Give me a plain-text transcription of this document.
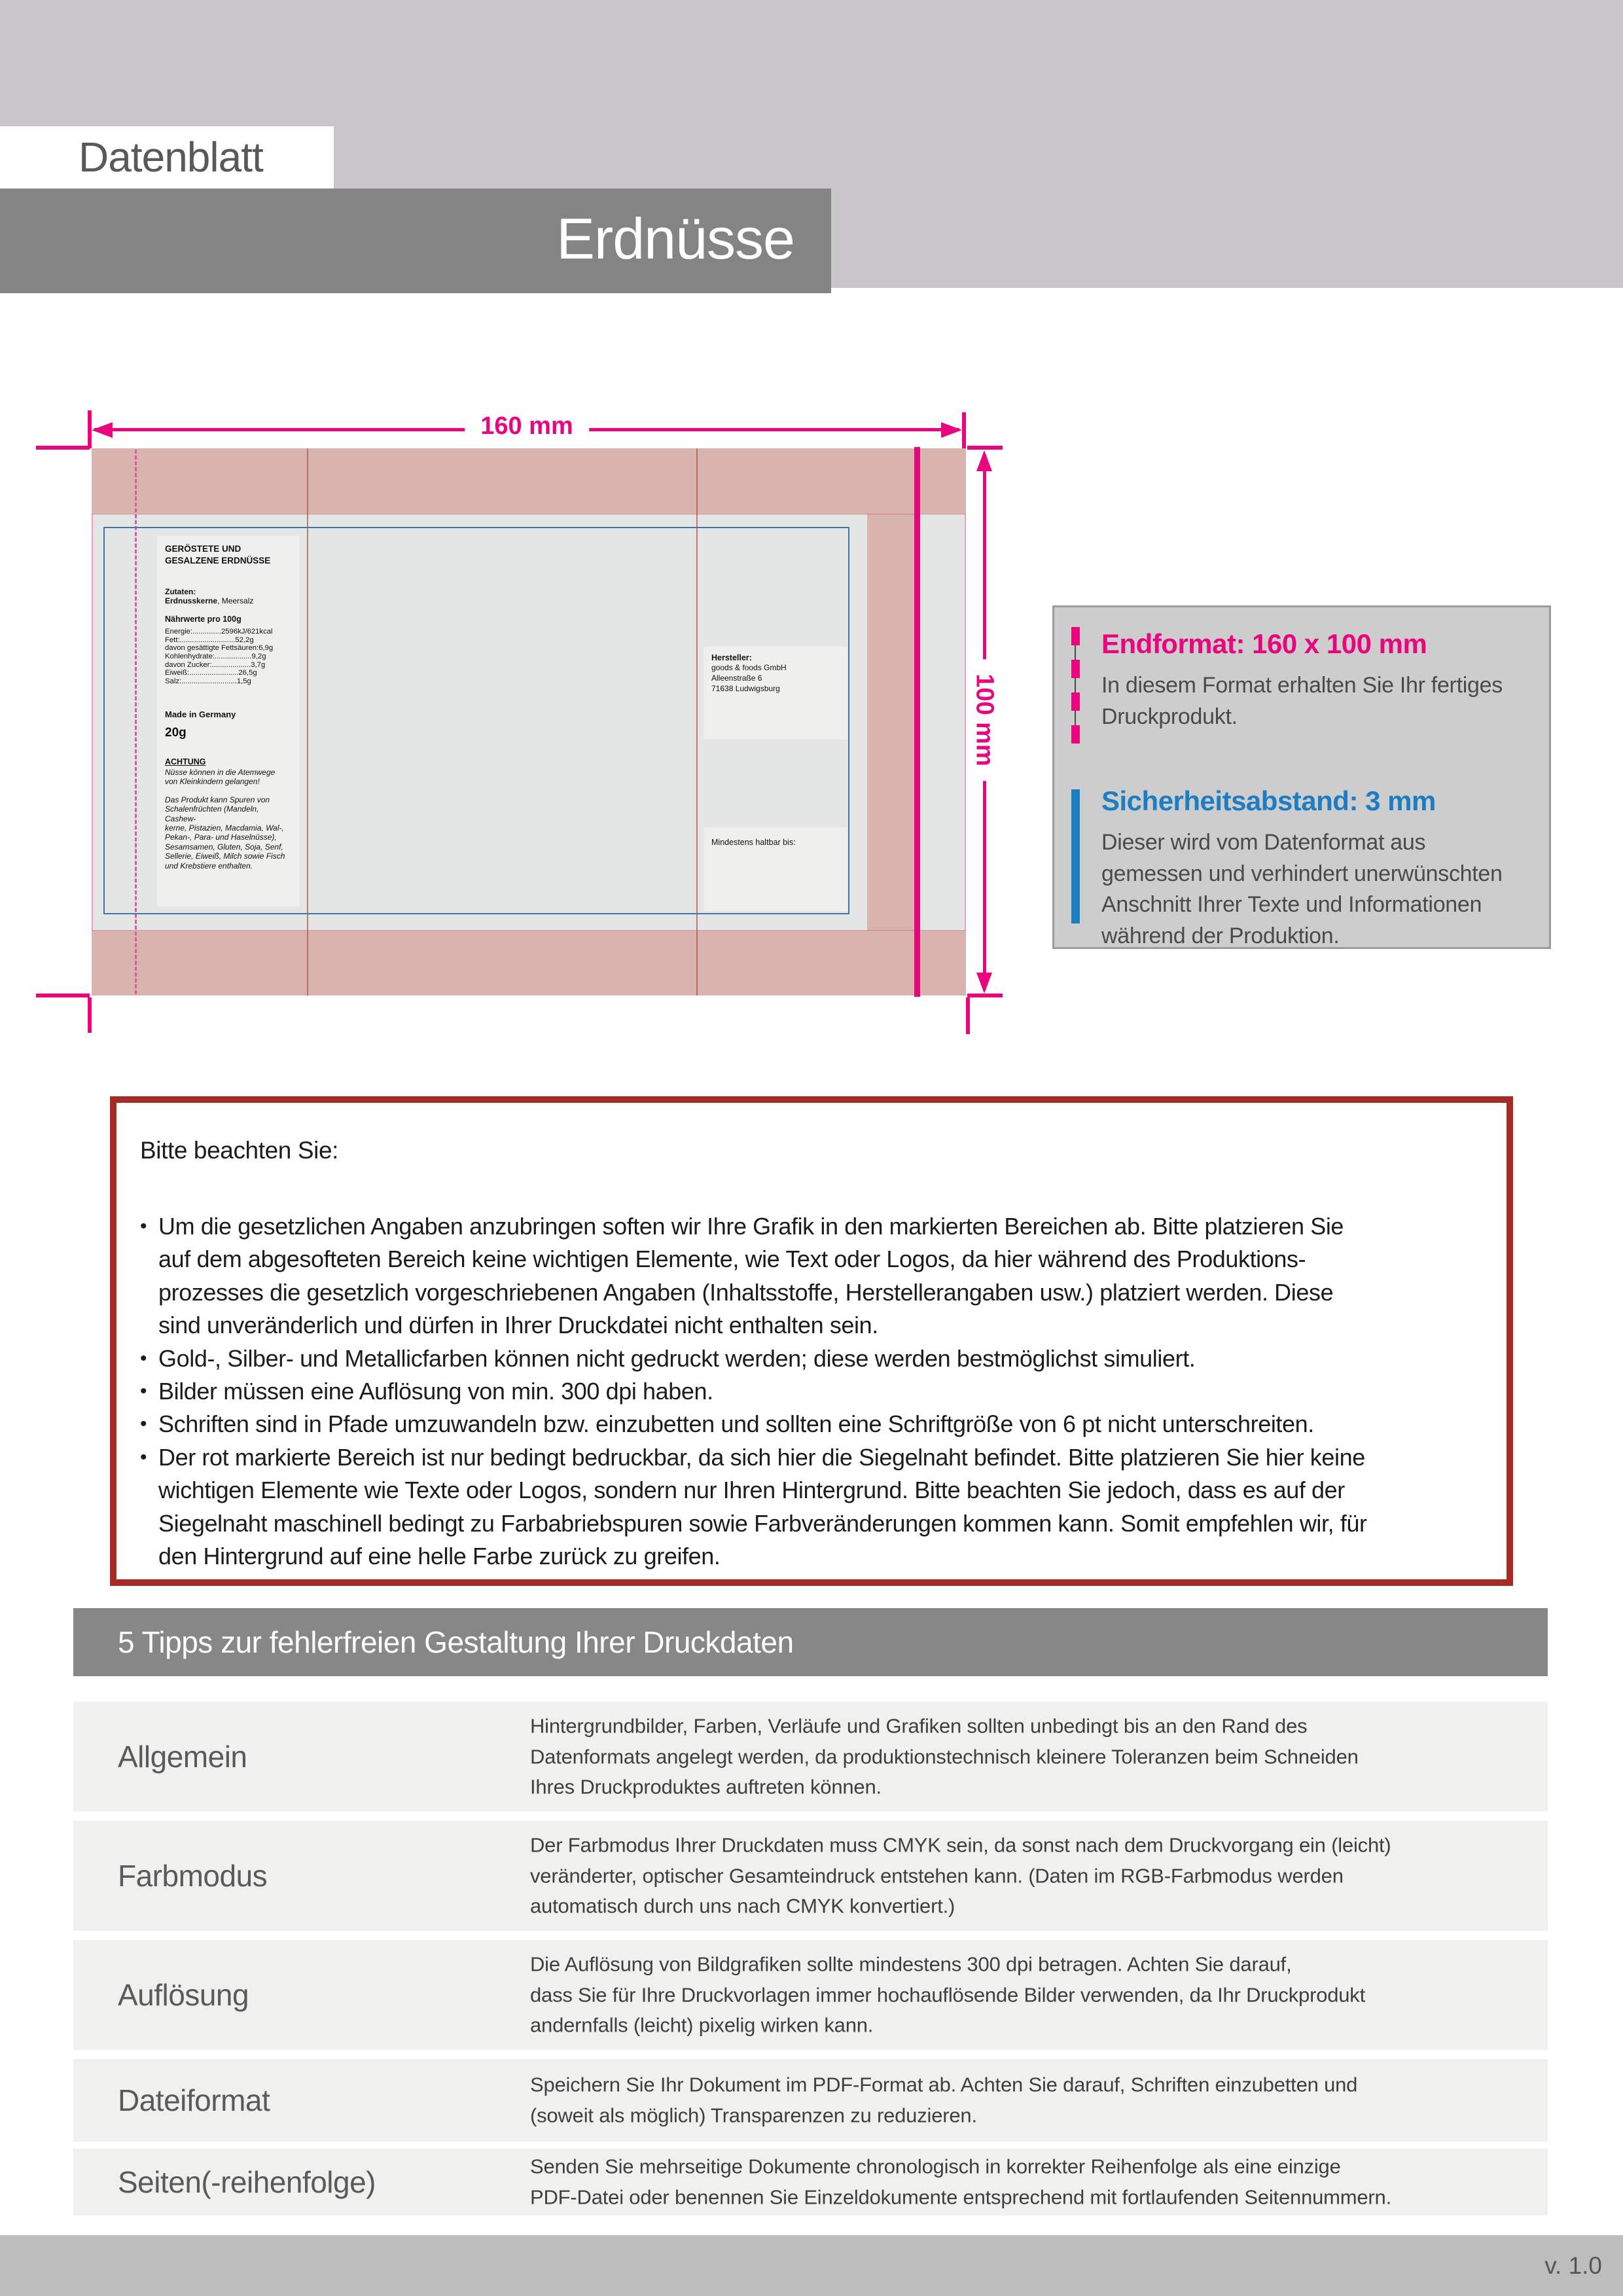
Datenblatt
Erdnüsse
160 mm
GERÖSTETE UND
GESALZENE ERDNÜSSE
Zutaten:
Erdnusskerne, Meersalz
Nährwerte pro 100g
Energie:..............2596kJ/621kcal
Fett:...........................52,2g
davon gesättigte Fettsäuren:6,9g
Kohlenhydrate:..................9,2g
davon Zucker:...................3,7g
Eiweiß:........................26,5g
Salz:...........................1,5g
Made in Germany
20g
ACHTUNG
Nüsse können in die Atemwege
von Kleinkindern gelangen!
Das Produkt kann Spuren von
Schalenfrüchten (Mandeln, Cashew-
kerne, Pistazien, Macdamia, Wal-,
Pekan-, Para- und Haselnüsse),
Sesamsamen, Gluten, Soja, Senf,
Sellerie, Eiweiß, Milch sowie Fisch
und Krebstiere enthalten.
Hersteller:
goods & foods GmbH
Alleenstraße 6
71638 Ludwigsburg
Mindestens haltbar bis:
100 mm
Endformat: 160 x 100 mm
In diesem Format erhalten Sie Ihr fertiges
Druckprodukt.
Sicherheitsabstand: 3 mm
Dieser wird vom Datenformat aus
gemessen und verhindert unerwünschten
Anschnitt Ihrer Texte und Informationen
während der Produktion.
Bitte beachten Sie:
• Um die gesetzlichen Angaben anzubringen soften wir Ihre Grafik in den markierten Bereichen ab. Bitte platzieren Sie
auf dem abgesofteten Bereich keine wichtigen Elemente, wie Text oder Logos, da hier während des Produktions-
prozesses die gesetzlich vorgeschriebenen Angaben (Inhaltsstoffe, Herstellerangaben usw.) platziert werden. Diese
sind unveränderlich und dürfen in Ihrer Druckdatei nicht enthalten sein.
• Gold-, Silber- und Metallicfarben können nicht gedruckt werden; diese werden bestmöglichst simuliert.
• Bilder müssen eine Auflösung von min. 300 dpi haben.
• Schriften sind in Pfade umzuwandeln bzw. einzubetten und sollten eine Schriftgröße von 6 pt nicht unterschreiten.
• Der rot markierte Bereich ist nur bedingt bedruckbar, da sich hier die Siegelnaht befindet. Bitte platzieren Sie hier keine
wichtigen Elemente wie Texte oder Logos, sondern nur Ihren Hintergrund. Bitte beachten Sie jedoch, dass es auf der
Siegelnaht maschinell bedingt zu Farbabriebspuren sowie Farbveränderungen kommen kann. Somit empfehlen wir, für
den Hintergrund auf eine helle Farbe zurück zu greifen.
5 Tipps zur fehlerfreien Gestaltung Ihrer Druckdaten
Allgemein
Hintergrundbilder, Farben, Verläufe und Grafiken sollten unbedingt bis an den Rand des
Datenformats angelegt werden, da produktionstechnisch kleinere Toleranzen beim Schneiden
Ihres Druckproduktes auftreten können.
Farbmodus
Der Farbmodus Ihrer Druckdaten muss CMYK sein, da sonst nach dem Druckvorgang ein (leicht)
veränderter, optischer Gesamteindruck entstehen kann. (Daten im RGB-Farbmodus werden
automatisch durch uns nach CMYK konvertiert.)
Auflösung
Die Auflösung von Bildgrafiken sollte mindestens 300 dpi betragen. Achten Sie darauf,
dass Sie für Ihre Druckvorlagen immer hochauflösende Bilder verwenden, da Ihr Druckprodukt
andernfalls (leicht) pixelig wirken kann.
Dateiformat	Speichern Sie Ihr Dokument im PDF-Format ab. Achten Sie darauf, Schriften einzubetten und
(soweit als möglich) Transparenzen zu reduzieren.
Seiten(-reihenfolge)	Senden Sie mehrseitige Dokumente chronologisch in korrekter Reihenfolge als eine einzige
PDF-Datei oder benennen Sie Einzeldokumente entsprechend mit fortlaufenden Seitennummern.
v. 1.0
